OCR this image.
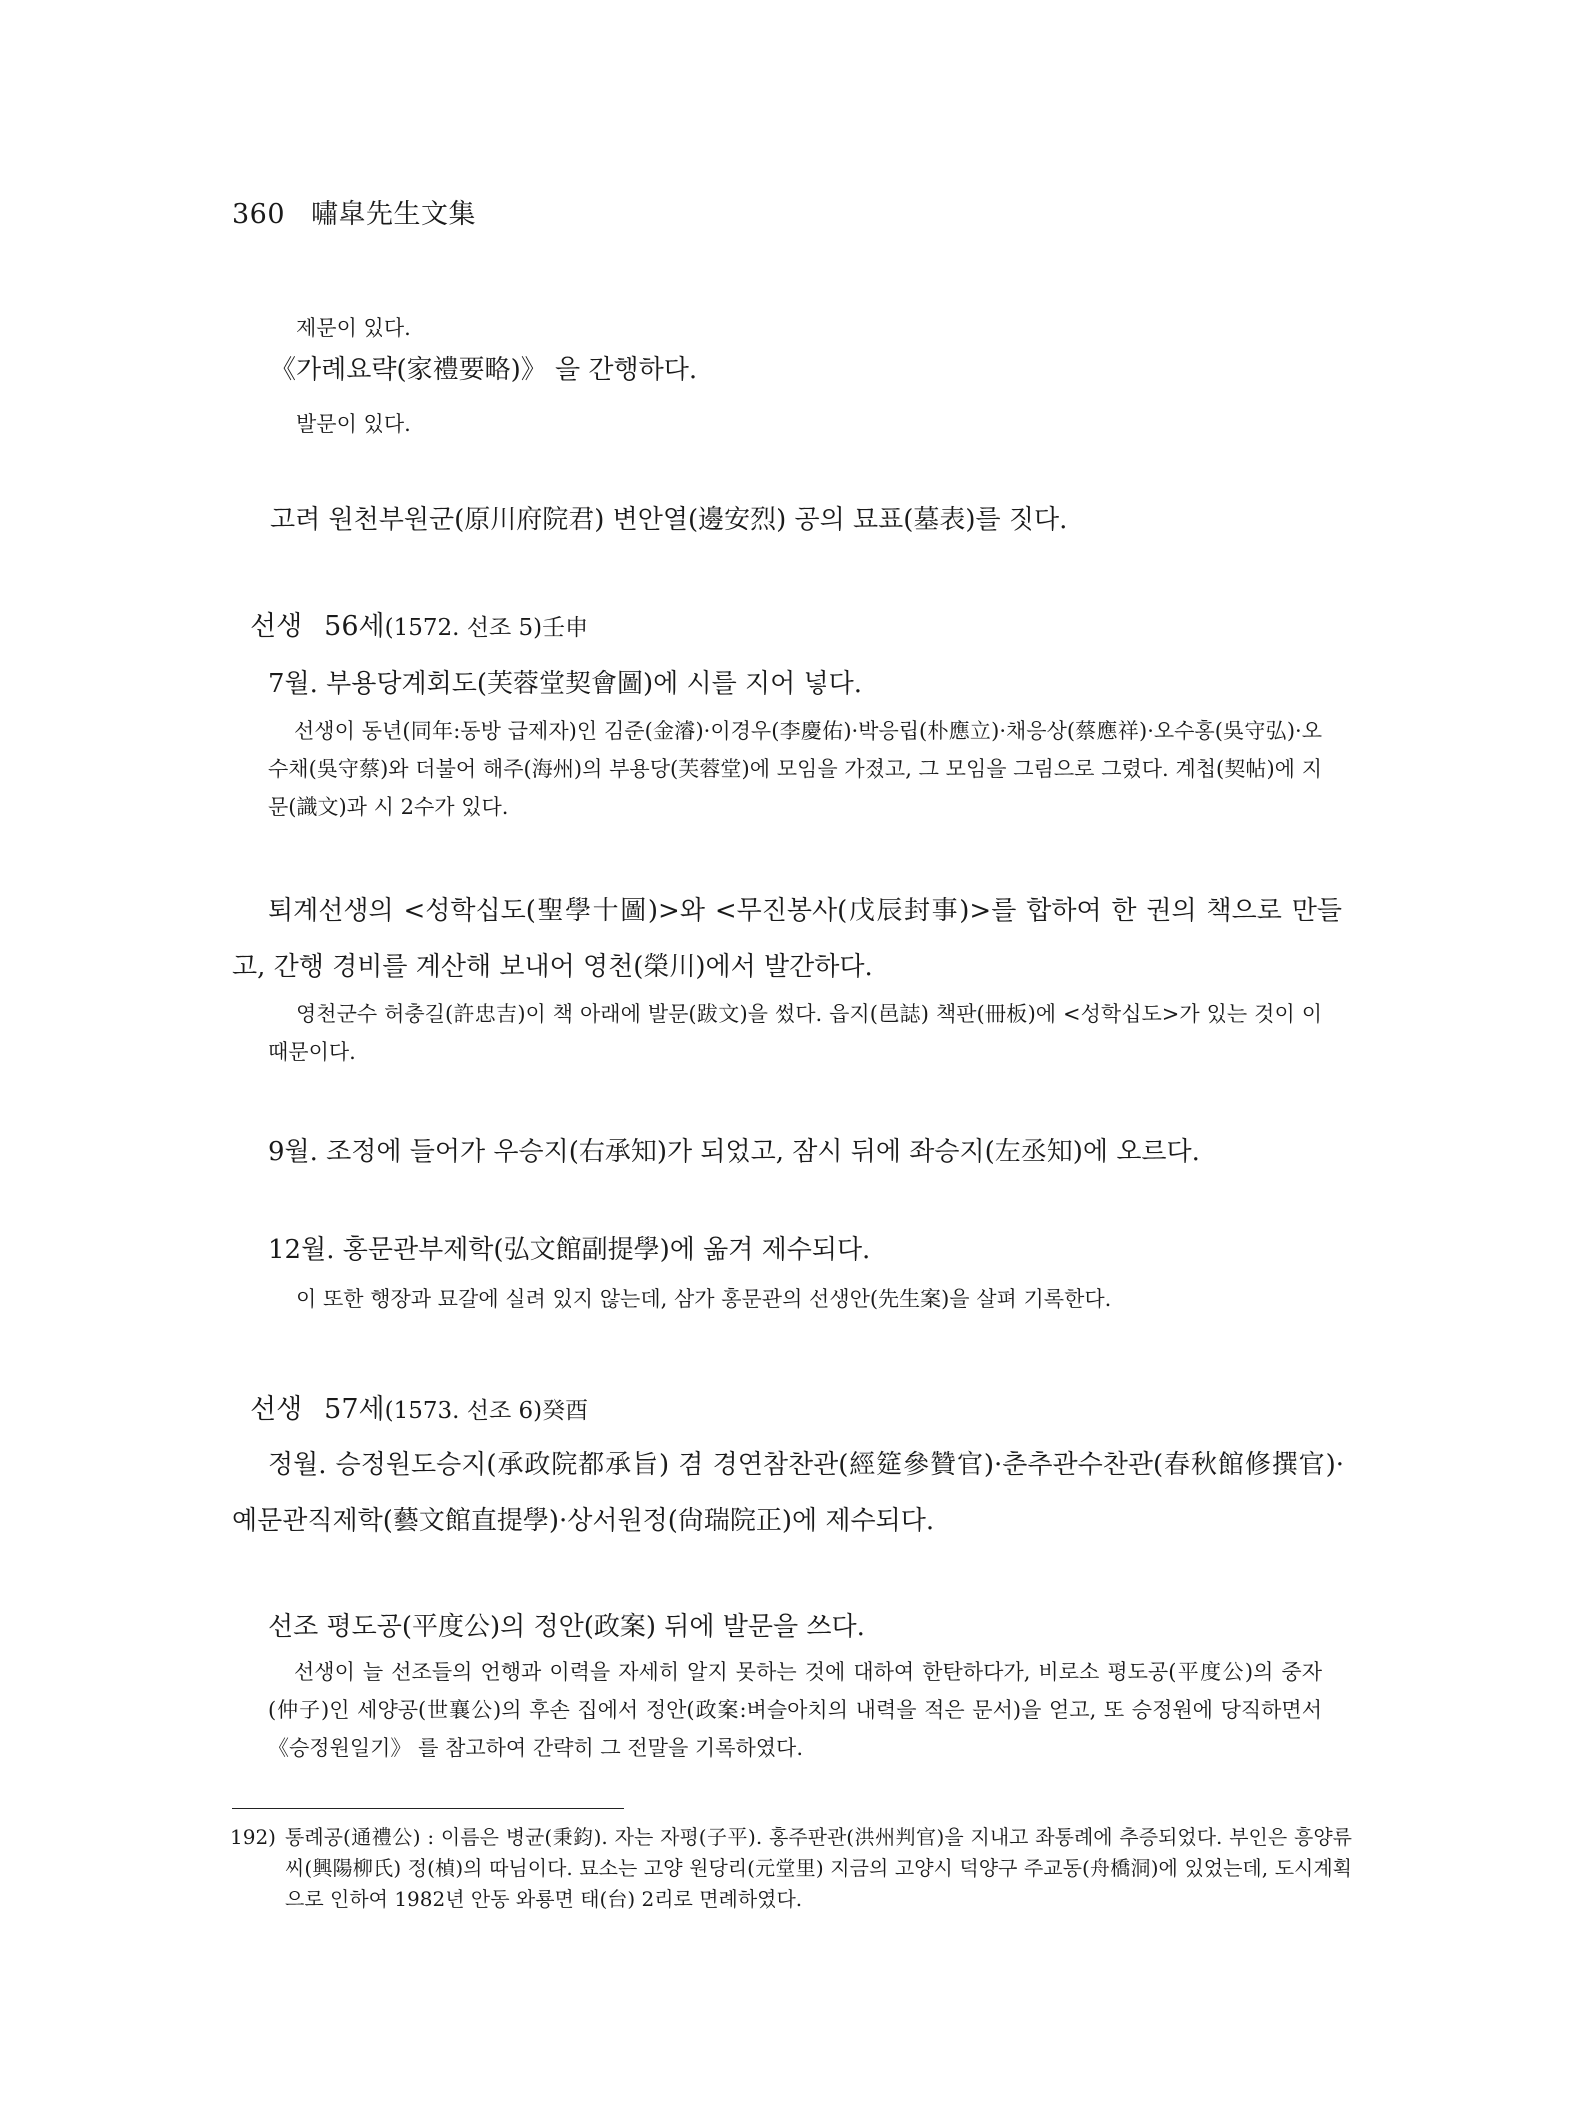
360 嘯皐先生文集
제문이 있다.
《가례요략(家禮要略)》 을 간행하다.
발문이 있다.
고려 원천부원군(原川府院君) 변안열(邊安烈) 공의 묘표(墓表)를 짓다.
선생 56세(1572. 선조 5)壬申
7월. 부용당계회도(芙蓉堂契會圖)에 시를 지어 넣다.
선생이 동년(同年:동방 급제자)인 김준(金濬)·이경우(李慶佑)·박응립(朴應立)·채응상(蔡應祥)·오수홍(吳守弘)·오수채(吳守蔡)와 더불어 해주(海州)의 부용당(芙蓉堂)에 모임을 가졌고, 그 모임을 그림으로 그렸다. 계첩(契帖)에 지문(識文)과 시 2수가 있다.
퇴계선생의 <성학십도(聖學十圖)>와 <무진봉사(戊辰封事)>를 합하여 한 권의 책으로 만들고, 간행 경비를 계산해 보내어 영천(榮川)에서 발간하다.
영천군수 허충길(許忠吉)이 책 아래에 발문(跋文)을 썼다. 읍지(邑誌) 책판(冊板)에 <성학십도>가 있는 것이 이 때문이다.
9월. 조정에 들어가 우승지(右承知)가 되었고, 잠시 뒤에 좌승지(左丞知)에 오르다.
12월. 홍문관부제학(弘文館副提學)에 옮겨 제수되다.
이 또한 행장과 묘갈에 실려 있지 않는데, 삼가 홍문관의 선생안(先生案)을 살펴 기록한다.
선생 57세(1573. 선조 6)癸酉
정월. 승정원도승지(承政院都承旨) 겸 경연참찬관(經筵參贊官)·춘추관수찬관(春秋館修撰官)·예문관직제학(藝文館直提學)·상서원정(尙瑞院正)에 제수되다.
선조 평도공(平度公)의 정안(政案) 뒤에 발문을 쓰다.
선생이 늘 선조들의 언행과 이력을 자세히 알지 못하는 것에 대하여 한탄하다가, 비로소 평도공(平度公)의 중자(仲子)인 세양공(世襄公)의 후손 집에서 정안(政案:벼슬아치의 내력을 적은 문서)을 얻고, 또 승정원에 당직하면서 《승정원일기》 를 참고하여 간략히 그 전말을 기록하였다.
192) 통례공(通禮公) : 이름은 병균(秉鈞). 자는 자평(子平). 홍주판관(洪州判官)을 지내고 좌통례에 추증되었다. 부인은 흥양류씨(興陽柳氏) 정(楨)의 따님이다. 묘소는 고양 원당리(元堂里) 지금의 고양시 덕양구 주교동(舟橋洞)에 있었는데, 도시계획으로 인하여 1982년 안동 와룡면 태(台) 2리로 면례하였다.
